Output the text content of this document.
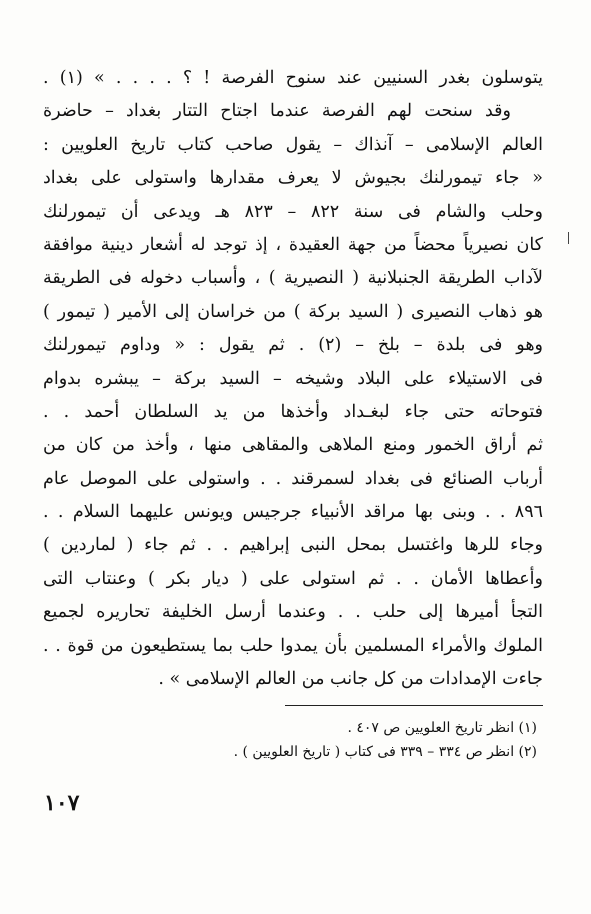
يتوسلون بغدر السنيين عند سنوح الفرصة ! ؟ . . . . » (١) .
وقد سنحت لهم الفرصة عندما اجتاح التتار بغداد – حاضرة
العالم الإسلامى – آنذاك – يقول صاحب كتاب تاريخ العلويين :
« جاء تيمورلنك بجيوش لا يعرف مقدارها واستولى على بغداد
وحلب والشام فى سنة ٨٢٢ – ٨٢٣ هـ ويدعى أن تيمورلنك
كان نصيرياً محضاً من جهة العقيدة ، إذ توجد له أشعار دينية موافقة
لآداب الطريقة الجنبلانية ( النصيرية ) ، وأسباب دخوله فى الطريقة
هو ذهاب النصيرى ( السيد بركة ) من خراسان إلى الأمير ( تيمور )
وهو فى بلدة – بلخ – (٢) . ثم يقول : « وداوم تيمورلنك
فى الاستيلاء على البلاد وشيخه – السيد بركة – يبشره بدوام
فتوحاته حتى جاء لبغـداد وأخذها من يد السلطان أحمد . .
ثم أراق الخمور ومنع الملاهى والمقاهى منها ، وأخذ من كان من
أرباب الصنائع فى بغداد لسمرقند . . واستولى على الموصل عام
٨٩٦ . . وبنى بها مراقد الأنبياء جرجيس ويونس عليهما السلام . .
وجاء للرها واغتسل بمحل النبى إبراهيم . . ثم جاء ( لماردين )
وأعطاها الأمان . . ثم استولى على ( ديار بكر ) وعنتاب التى
التجأ أميرها إلى حلب . . وعندما أرسل الخليفة تحاريره لجميع
الملوك والأمراء المسلمين بأن يمدوا حلب بما يستطيعون من قوة . .
جاءت الإمدادات من كل جانب من العالم الإسلامى » .
(١) انظر تاريخ العلويين ص ٤٠٧ .
(٢) انظر ص ٣٣٤ – ٣٣٩ فى كتاب ( تاريخ العلويين ) .
١٠٧
